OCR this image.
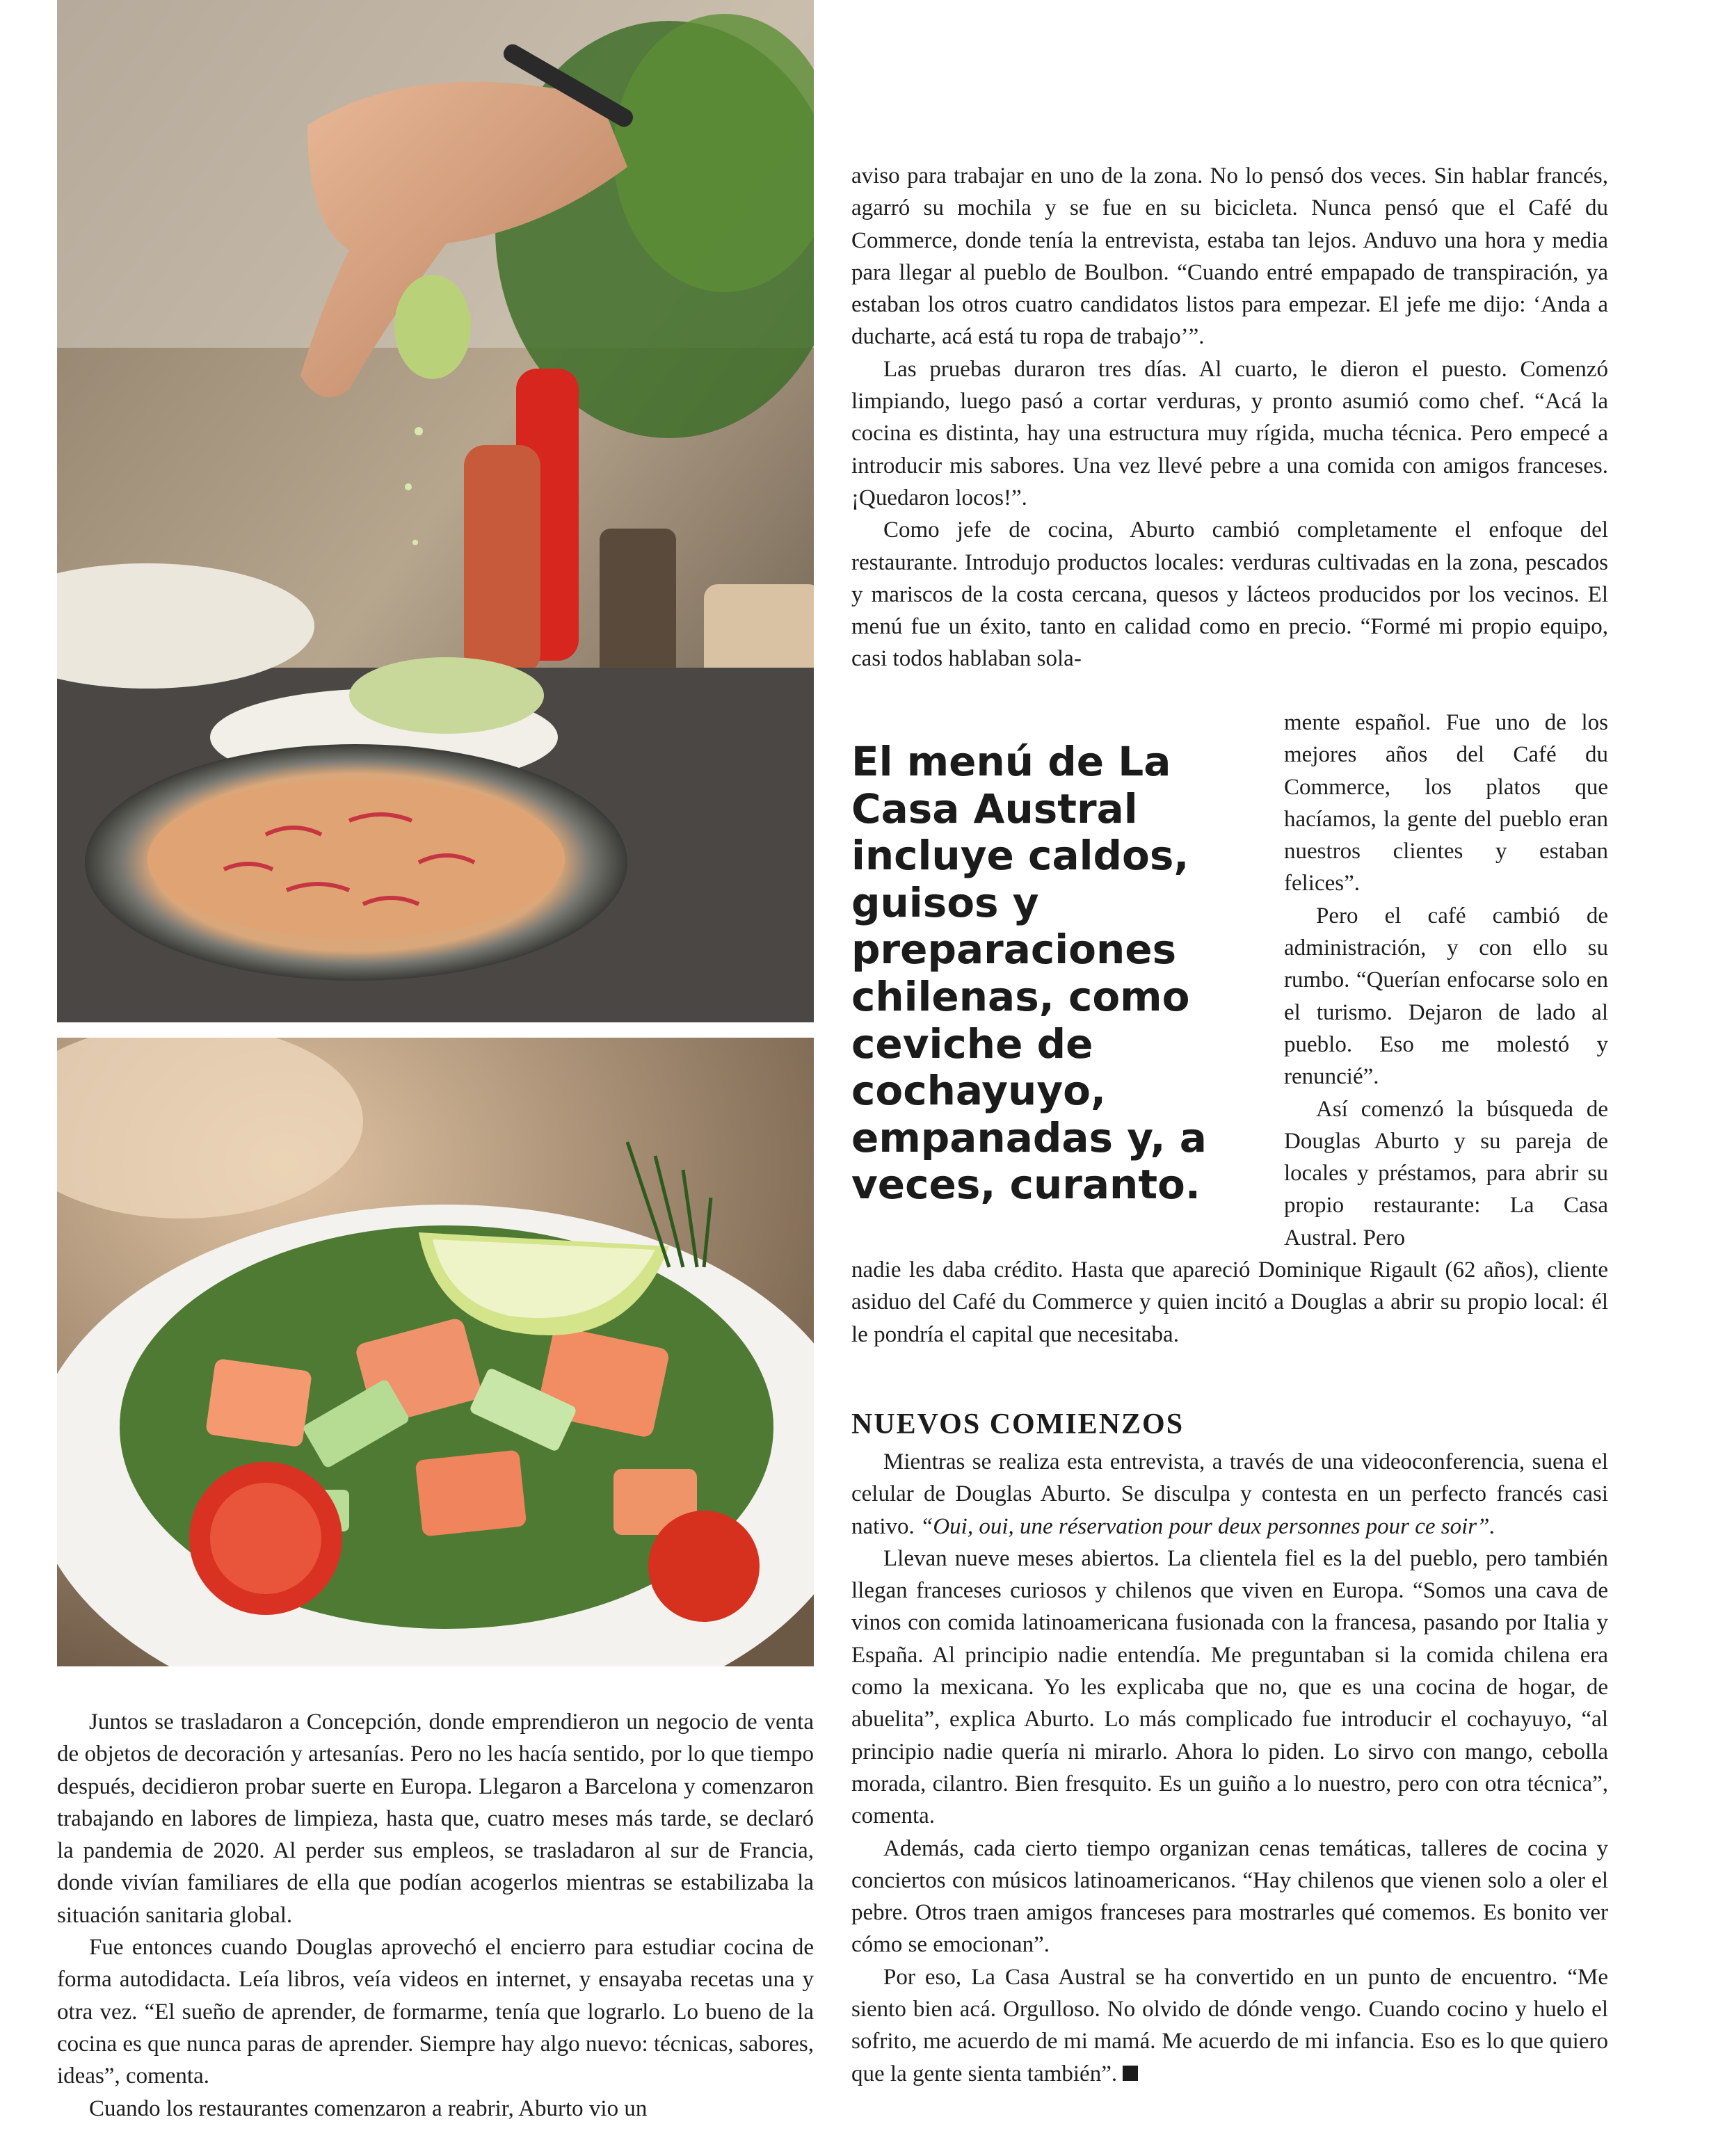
aviso para trabajar en uno de la zona. No lo pensó dos veces. Sin hablar francés, agarró su mochila y se fue en su bicicleta. Nunca pensó que el Café du Commerce, donde tenía la entrevista, estaba tan lejos. Anduvo una hora y media para llegar al pueblo de Boulbon. “Cuando entré empapado de transpiración, ya estaban los otros cuatro candidatos listos para empezar. El jefe me dijo: ‘Anda a ducharte, acá está tu ropa de trabajo’”.

Las pruebas duraron tres días. Al cuarto, le dieron el puesto. Comenzó limpiando, luego pasó a cortar verduras, y pronto asumió como chef. “Acá la cocina es distinta, hay una estructura muy rígida, mucha técnica. Pero empecé a introducir mis sabores. Una vez llevé pebre a una comida con amigos franceses. ¡Quedaron locos!”.

Como jefe de cocina, Aburto cambió completamente el enfoque del restaurante. Introdujo productos locales: verduras cultivadas en la zona, pescados y mariscos de la costa cercana, quesos y lácteos producidos por los vecinos. El menú fue un éxito, tanto en calidad como en precio. “Formé mi propio equipo, casi todos hablaban sola-

El menú de La Casa Austral incluye caldos, guisos y preparaciones chilenas, como ceviche de cochayuyo, empanadas y, a veces, curanto.

mente español. Fue uno de los mejores años del Café du Commerce, los platos que hacíamos, la gente del pueblo eran nuestros clientes y estaban felices”.

Pero el café cambió de administración, y con ello su rumbo. “Querían enfocarse solo en el turismo. Dejaron de lado al pueblo. Eso me molestó y renuncié”.

Así comenzó la búsqueda de Douglas Aburto y su pareja de locales y préstamos, para abrir su propio restaurante: La Casa Austral. Pero

nadie les daba crédito. Hasta que apareció Dominique Rigault (62 años), cliente asiduo del Café du Commerce y quien incitó a Douglas a abrir su propio local: él le pondría el capital que necesitaba.

NUEVOS COMIENZOS

Mientras se realiza esta entrevista, a través de una videoconferencia, suena el celular de Douglas Aburto. Se disculpa y contesta en un perfecto francés casi nativo. “Oui, oui, une réservation pour deux personnes pour ce soir”.

Llevan nueve meses abiertos. La clientela fiel es la del pueblo, pero también llegan franceses curiosos y chilenos que viven en Europa. “Somos una cava de vinos con comida latinoamericana fusionada con la francesa, pasando por Italia y España. Al principio nadie entendía. Me preguntaban si la comida chilena era como la mexicana. Yo les explicaba que no, que es una cocina de hogar, de abuelita”, explica Aburto. Lo más complicado fue introducir el cochayuyo, “al principio nadie quería ni mirarlo. Ahora lo piden. Lo sirvo con mango, cebolla morada, cilantro. Bien fresquito. Es un guiño a lo nuestro, pero con otra técnica”, comenta.

Además, cada cierto tiempo organizan cenas temáticas, talleres de cocina y conciertos con músicos latinoamericanos. “Hay chilenos que vienen solo a oler el pebre. Otros traen amigos franceses para mostrarles qué comemos. Es bonito ver cómo se emocionan”.

Por eso, La Casa Austral se ha convertido en un punto de encuentro. “Me siento bien acá. Orgulloso. No olvido de dónde vengo. Cuando cocino y huelo el sofrito, me acuerdo de mi mamá. Me acuerdo de mi infancia. Eso es lo que quiero que la gente sienta también”.

Juntos se trasladaron a Concepción, donde emprendieron un negocio de venta de objetos de decoración y artesanías. Pero no les hacía sentido, por lo que tiempo después, decidieron probar suerte en Europa. Llegaron a Barcelona y comenzaron trabajando en labores de limpieza, hasta que, cuatro meses más tarde, se declaró la pandemia de 2020. Al perder sus empleos, se trasladaron al sur de Francia, donde vivían familiares de ella que podían acogerlos mientras se estabilizaba la situación sanitaria global.

Fue entonces cuando Douglas aprovechó el encierro para estudiar cocina de forma autodidacta. Leía libros, veía videos en internet, y ensayaba recetas una y otra vez. “El sueño de aprender, de formarme, tenía que lograrlo. Lo bueno de la cocina es que nunca paras de aprender. Siempre hay algo nuevo: técnicas, sabores, ideas”, comenta.

Cuando los restaurantes comenzaron a reabrir, Aburto vio un
